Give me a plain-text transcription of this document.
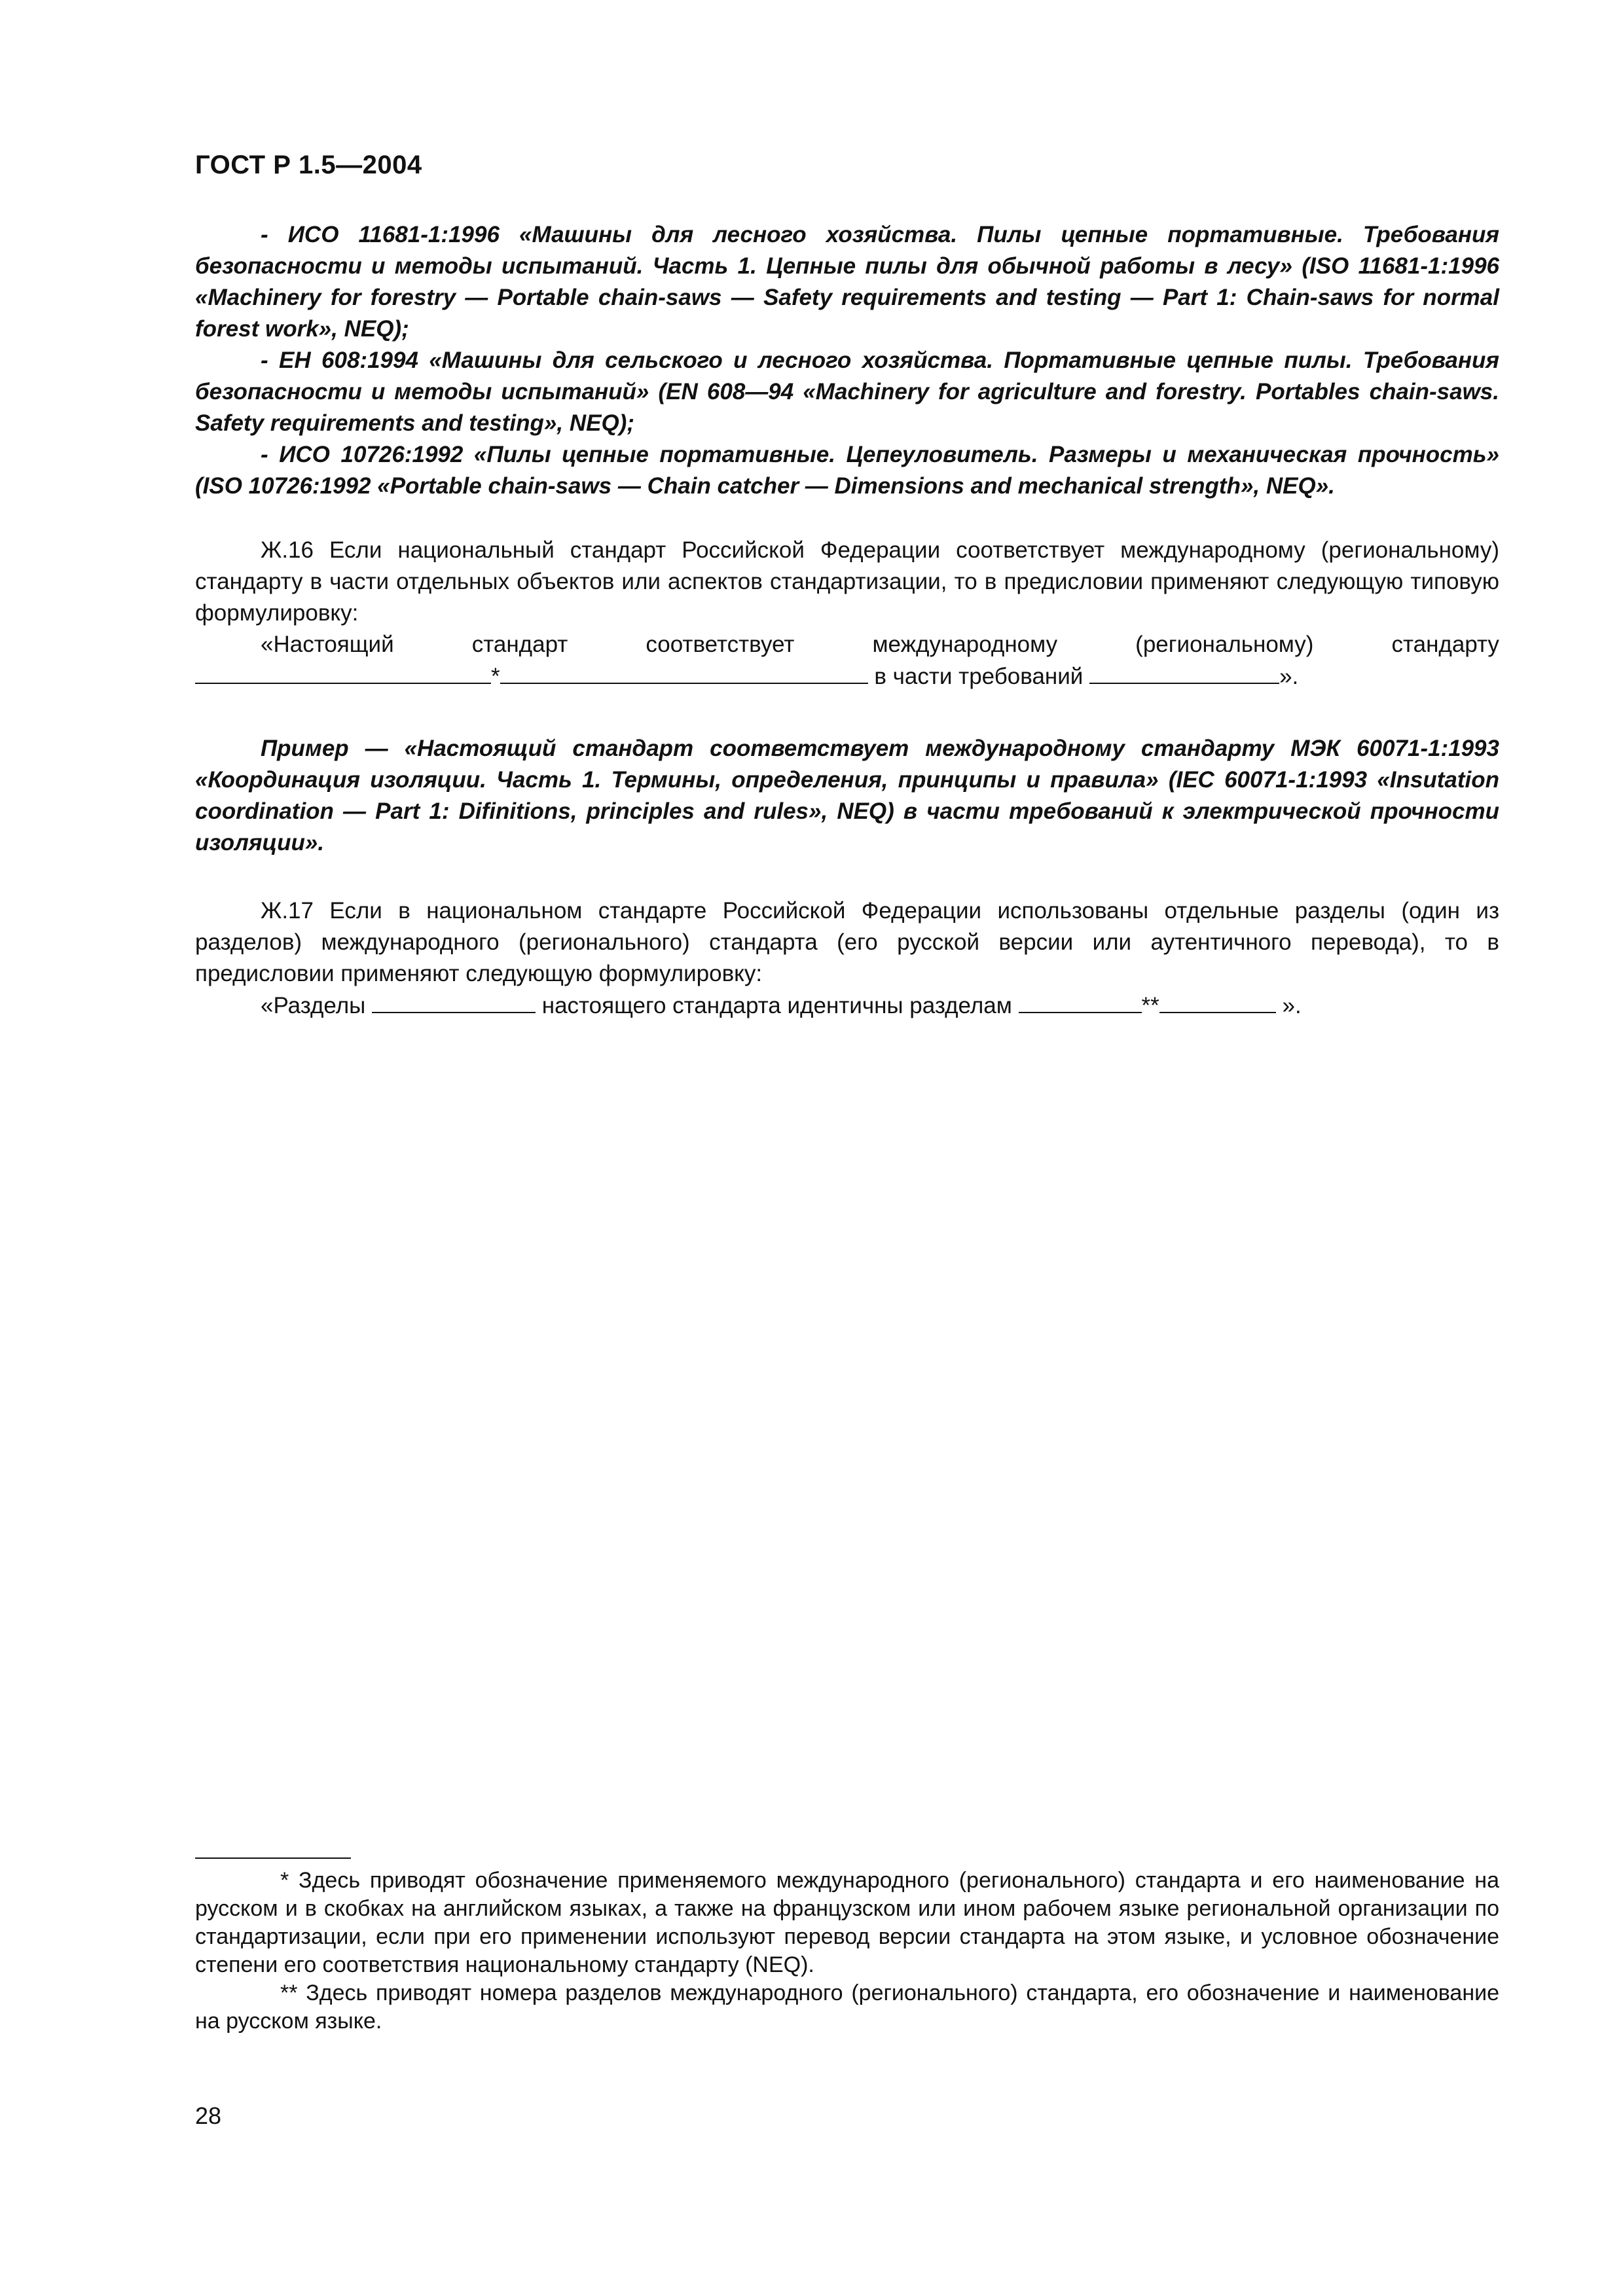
ГОСТ Р 1.5—2004

- ИСО 11681-1:1996 «Машины для лесного хозяйства. Пилы цепные портативные. Требования безопасности и методы испытаний. Часть 1. Цепные пилы для обычной работы в лесу» (ISO 11681-1:1996 «Machinery for forestry — Portable chain-saws — Safety requirements and testing — Part 1: Chain-saws for normal forest work», NEQ);

- ЕН 608:1994 «Машины для сельского и лесного хозяйства. Портативные цепные пилы. Требования безопасности и методы испытаний» (EN 608—94 «Machinery for agriculture and forestry. Portables chain-saws. Safety requirements and testing», NEQ);

- ИСО 10726:1992 «Пилы цепные портативные. Цепеуловитель. Размеры и механическая прочность» (ISO 10726:1992 «Portable chain-saws — Chain catcher — Dimensions and mechanical strength», NEQ».

Ж.16 Если национальный стандарт Российской Федерации соответствует международному (региональному) стандарту в части отдельных объектов или аспектов стандартизации, то в предисловии применяют следующую типовую формулировку:

«Настоящий	стандарт	соответствует	международному	(региональному)	стандарту
*	в части требований	».

Пример — «Настоящий стандарт соответствует международному стандарту МЭК 60071-1:1993 «Координация изоляции. Часть 1. Термины, определения, принципы и правила» (IEC 60071-1:1993 «Insutation coordination — Part 1: Difinitions, principles and rules», NEQ) в части требований к электрической прочности изоляции».

Ж.17 Если в национальном стандарте Российской Федерации использованы отдельные разделы (один из разделов) международного (регионального) стандарта (его русской версии или аутентичного перевода), то в предисловии применяют следующую формулировку:

«Разделы	настоящего стандарта идентичны разделам	**	».

* Здесь приводят обозначение применяемого международного (регионального) стандарта и его наименование на русском и в скобках на английском языках, а также на французском или ином рабочем языке региональной организации по стандартизации, если при его применении используют перевод версии стандарта на этом языке, и условное обозначение степени его соответствия национальному стандарту (NEQ).

** Здесь приводят номера разделов международного (регионального) стандарта, его обозначение и наименование на русском языке.

28
